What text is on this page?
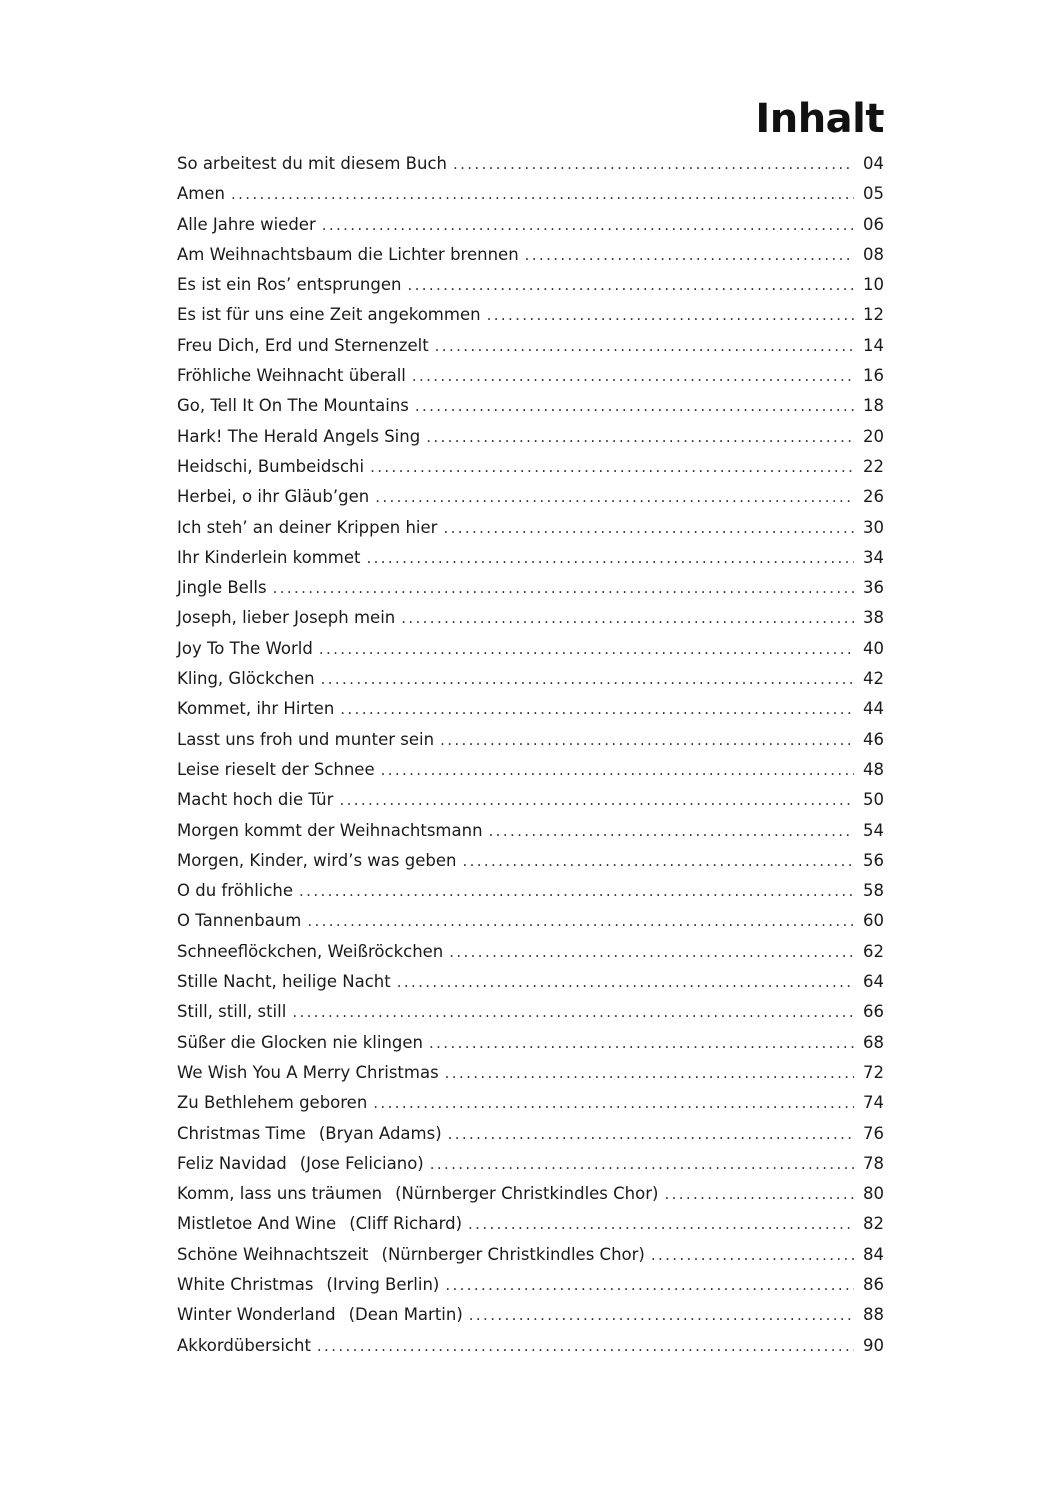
Inhalt
So arbeitest du mit diesem Buch . . .	04
Amen . . .	05
Alle Jahre wieder . . .	06
Am Weihnachtsbaum die Lichter brennen . . .	08
Es ist ein Ros’ entsprungen . . .	10
Es ist für uns eine Zeit angekommen . . .	12
Freu Dich, Erd und Sternenzelt . . .	14
Fröhliche Weihnacht überall . . .	16
Go, Tell It On The Mountains . . .	18
Hark! The Herald Angels Sing . . .	20
Heidschi, Bumbeidschi . . .	22
Herbei, o ihr Gläub’gen . . .	26
Ich steh’ an deiner Krippen hier . . .	30
Ihr Kinderlein kommet . . .	34
Jingle Bells . . .	36
Joseph, lieber Joseph mein . . .	38
Joy To The World . . .	40
Kling, Glöckchen . . .	42
Kommet, ihr Hirten . . .	44
Lasst uns froh und munter sein . . .	46
Leise rieselt der Schnee . . .	48
Macht hoch die Tür . . .	50
Morgen kommt der Weihnachtsmann . . .	54
Morgen, Kinder, wird’s was geben . . .	56
O du fröhliche . . .	58
O Tannenbaum . . .	60
Schneeflöckchen, Weißröckchen . . .	62
Stille Nacht, heilige Nacht . . .	64
Still, still, still . . .	66
Süßer die Glocken nie klingen . . .	68
We Wish You A Merry Christmas . . .	72
Zu Bethlehem geboren . . .	74
Christmas Time (Bryan Adams) . . .	76
Feliz Navidad (Jose Feliciano) . . .	78
Komm, lass uns träumen (Nürnberger Christkindles Chor) . . .	80
Mistletoe And Wine (Cliff Richard) . . .	82
Schöne Weihnachtszeit (Nürnberger Christkindles Chor) . . .	84
White Christmas (Irving Berlin) . . .	86
Winter Wonderland (Dean Martin) . . .	88
Akkordübersicht . . .	90
